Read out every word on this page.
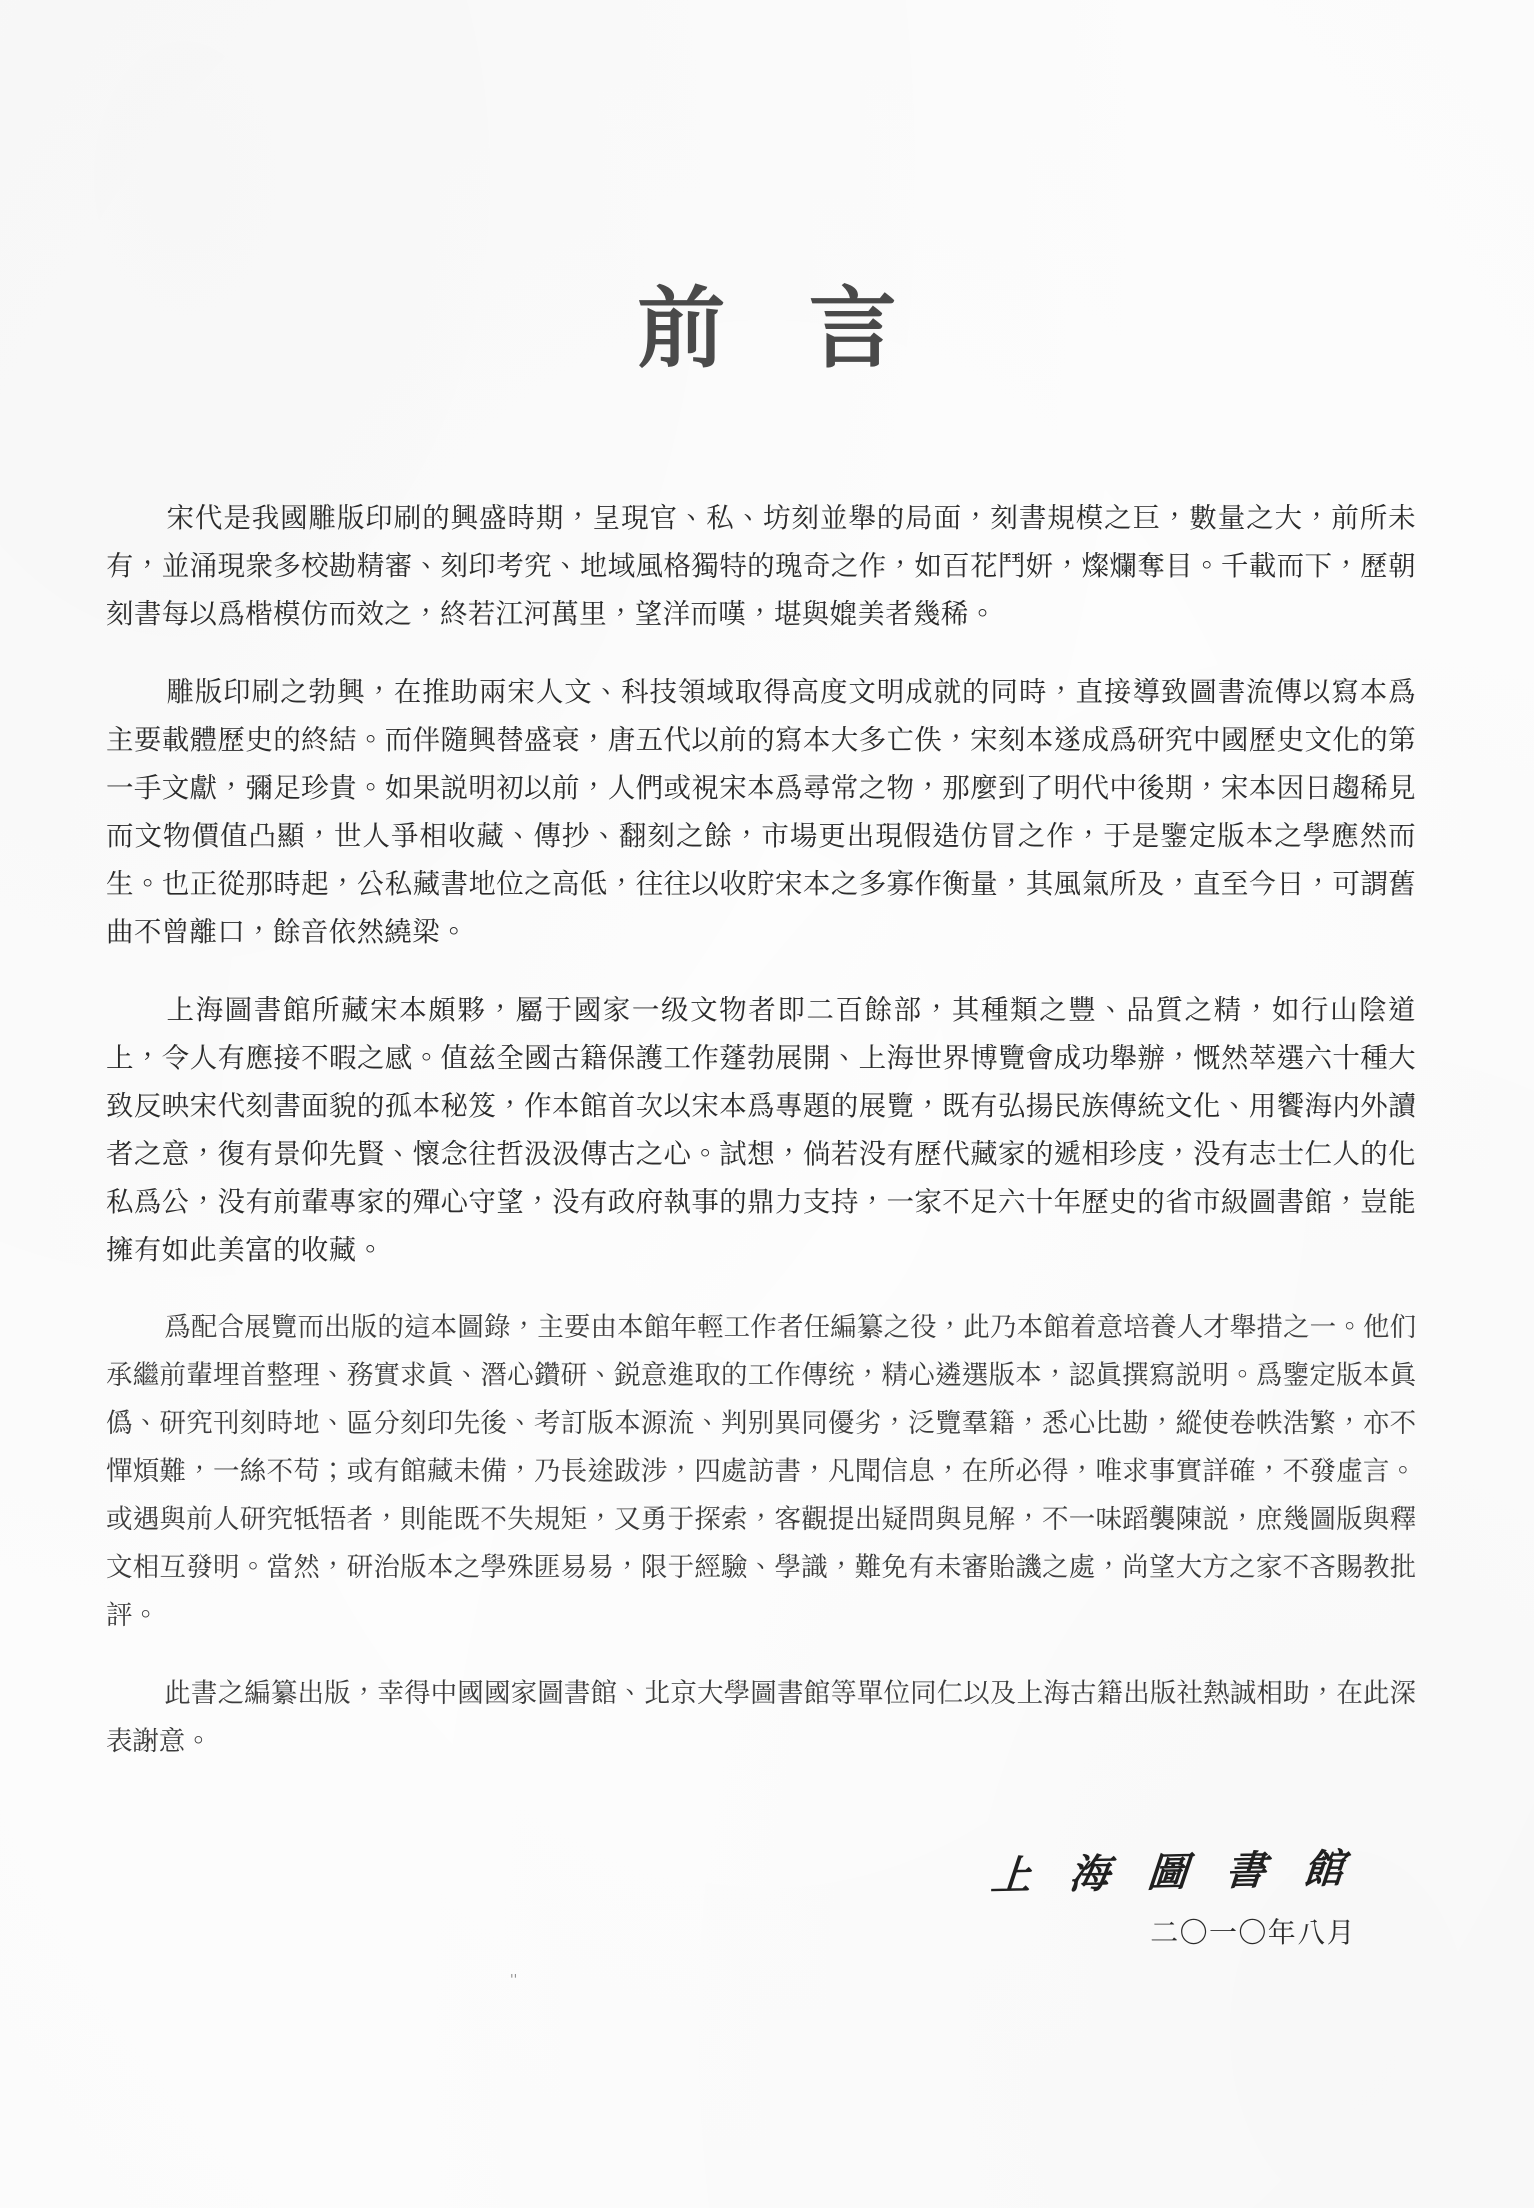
前 言

宋代是我國雕版印刷的興盛時期，呈現官、私、坊刻並舉的局面，刻書規模之巨，數量之大，前所未有，並涌現衆多校勘精審、刻印考究、地域風格獨特的瑰奇之作，如百花鬥妍，燦爛奪目。千載而下，歷朝刻書每以爲楷模仿而效之，終若江河萬里，望洋而嘆，堪與媲美者幾稀。

雕版印刷之勃興，在推助兩宋人文、科技領域取得高度文明成就的同時，直接導致圖書流傳以寫本爲主要載體歷史的終結。而伴隨興替盛衰，唐五代以前的寫本大多亡佚，宋刻本遂成爲研究中國歷史文化的第一手文獻，彌足珍貴。如果説明初以前，人們或視宋本爲尋常之物，那麼到了明代中後期，宋本因日趨稀見而文物價值凸顯，世人爭相收藏、傳抄、翻刻之餘，市場更出現假造仿冒之作，于是鑒定版本之學應然而生。也正從那時起，公私藏書地位之高低，往往以收貯宋本之多寡作衡量，其風氣所及，直至今日，可謂舊曲不曾離口，餘音依然繞梁。

上海圖書館所藏宋本頗夥，屬于國家一级文物者即二百餘部，其種類之豐、品質之精，如行山陰道上，令人有應接不暇之感。值兹全國古籍保護工作蓬勃展開、上海世界博覽會成功舉辦，慨然萃選六十種大致反映宋代刻書面貌的孤本秘笈，作本館首次以宋本爲專題的展覽，既有弘揚民族傳統文化、用饗海内外讀者之意，復有景仰先賢、懷念往哲汲汲傳古之心。試想，倘若没有歷代藏家的遞相珍庋，没有志士仁人的化私爲公，没有前輩專家的殫心守望，没有政府執事的鼎力支持，一家不足六十年歷史的省市級圖書館，豈能擁有如此美富的收藏。

爲配合展覽而出版的這本圖錄，主要由本館年輕工作者任編纂之役，此乃本館着意培養人才舉措之一。他们承繼前輩埋首整理、務實求眞、潛心鑽研、鋭意進取的工作傳统，精心遴選版本，認眞撰寫説明。爲鑒定版本眞僞、研究刊刻時地、區分刻印先後、考訂版本源流、判别異同優劣，泛覽羣籍，悉心比勘，縱使卷帙浩繁，亦不憚煩難，一絲不苟；或有館藏未備，乃長途跋涉，四處訪書，凡聞信息，在所必得，唯求事實詳確，不發虛言。或遇與前人研究牴牾者，則能既不失規矩，又勇于探索，客觀提出疑問與見解，不一味蹈襲陳説，庶幾圖版與釋文相互發明。當然，研治版本之學殊匪易易，限于經驗、學識，難免有未審貽譏之處，尚望大方之家不吝賜教批評。

此書之編纂出版，幸得中國國家圖書館、北京大學圖書館等單位同仁以及上海古籍出版社熱誠相助，在此深表謝意。

上 海 圖 書 館
二〇一〇年八月
''
